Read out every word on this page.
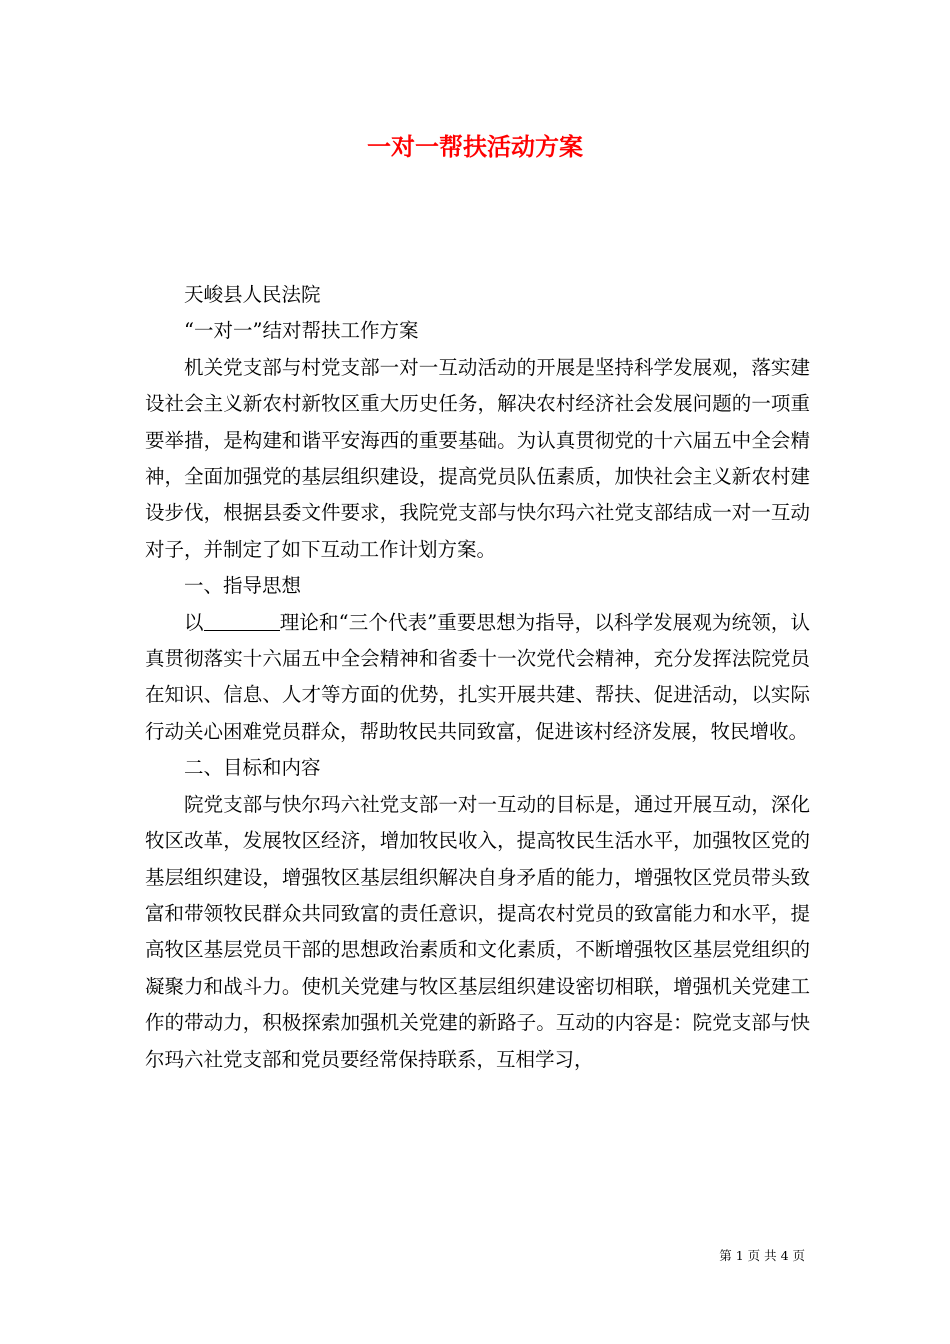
一对一帮扶活动方案

天峻县人民法院

“一对一”结对帮扶工作方案

机关党支部与村党支部一对一互动活动的开展是坚持科学发展观，落实建设社会主义新农村新牧区重大历史任务，解决农村经济社会发展问题的一项重要举措，是构建和谐平安海西的重要基础。为认真贯彻党的十六届五中全会精神，全面加强党的基层组织建设，提高党员队伍素质，加快社会主义新农村建设步伐，根据县委文件要求，我院党支部与快尔玛六社党支部结成一对一互动对子，并制定了如下互动工作计划方案。

一、指导思想

以	理论和“三个代表”重要思想为指导，以科学发展观为统领，认真贯彻落实十六届五中全会精神和省委十一次党代会精神，充分发挥法院党员在知识、信息、人才等方面的优势，扎实开展共建、帮扶、促进活动，以实际行动关心困难党员群众，帮助牧民共同致富，促进该村经济发展，牧民增收。

二、目标和内容

院党支部与快尔玛六社党支部一对一互动的目标是，通过开展互动，深化牧区改革，发展牧区经济，增加牧民收入，提高牧民生活水平，加强牧区党的基层组织建设，增强牧区基层组织解决自身矛盾的能力，增强牧区党员带头致富和带领牧民群众共同致富的责任意识，提高农村党员的致富能力和水平，提高牧区基层党员干部的思想政治素质和文化素质，不断增强牧区基层党组织的凝聚力和战斗力。使机关党建与牧区基层组织建设密切相联，增强机关党建工作的带动力，积极探索加强机关党建的新路子。互动的内容是：院党支部与快尔玛六社党支部和党员要经常保持联系，互相学习，

第 1 页 共 4 页
